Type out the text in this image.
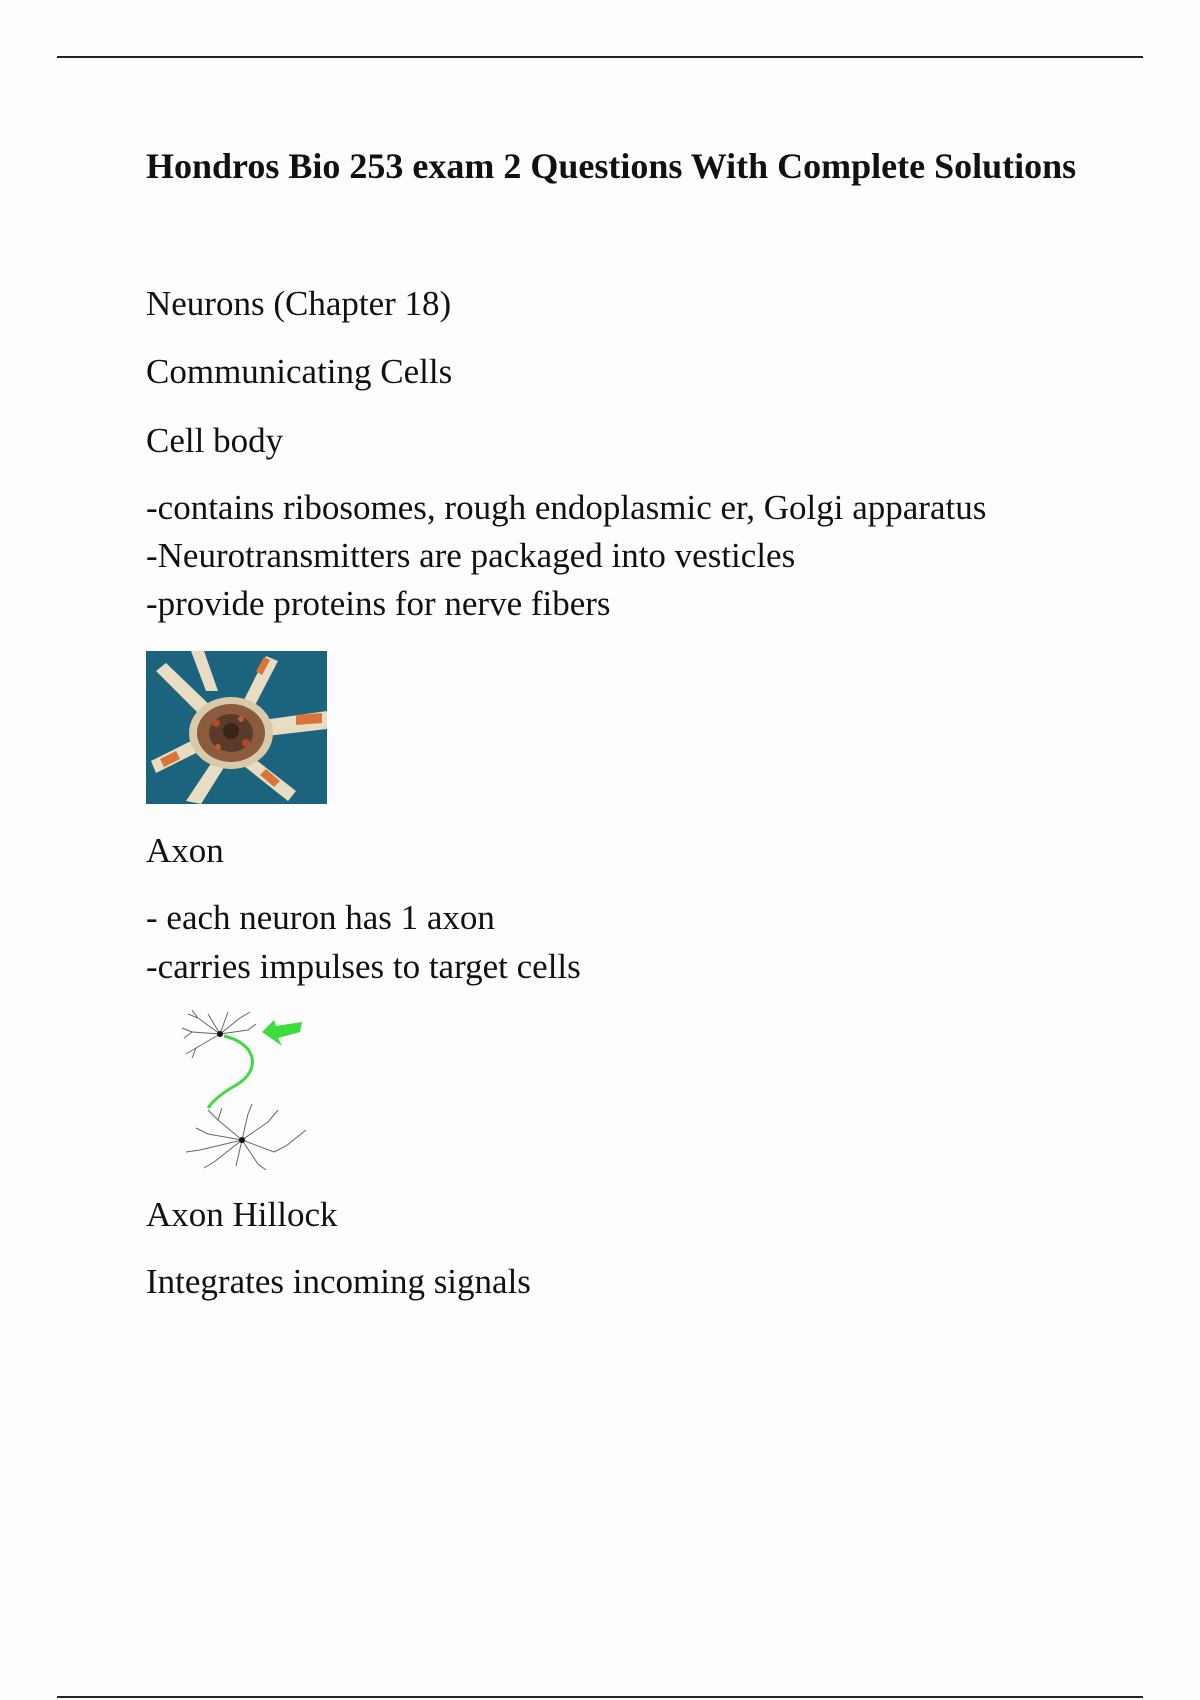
Hondros Bio 253 exam 2 Questions With Complete Solutions
Neurons (Chapter 18)
Communicating Cells
Cell body
-contains ribosomes, rough endoplasmic er, Golgi apparatus
-Neurotransmitters are packaged into vesticles
-provide proteins for nerve fibers
Axon
- each neuron has 1 axon
-carries impulses to target cells
Axon Hillock
Integrates incoming signals
